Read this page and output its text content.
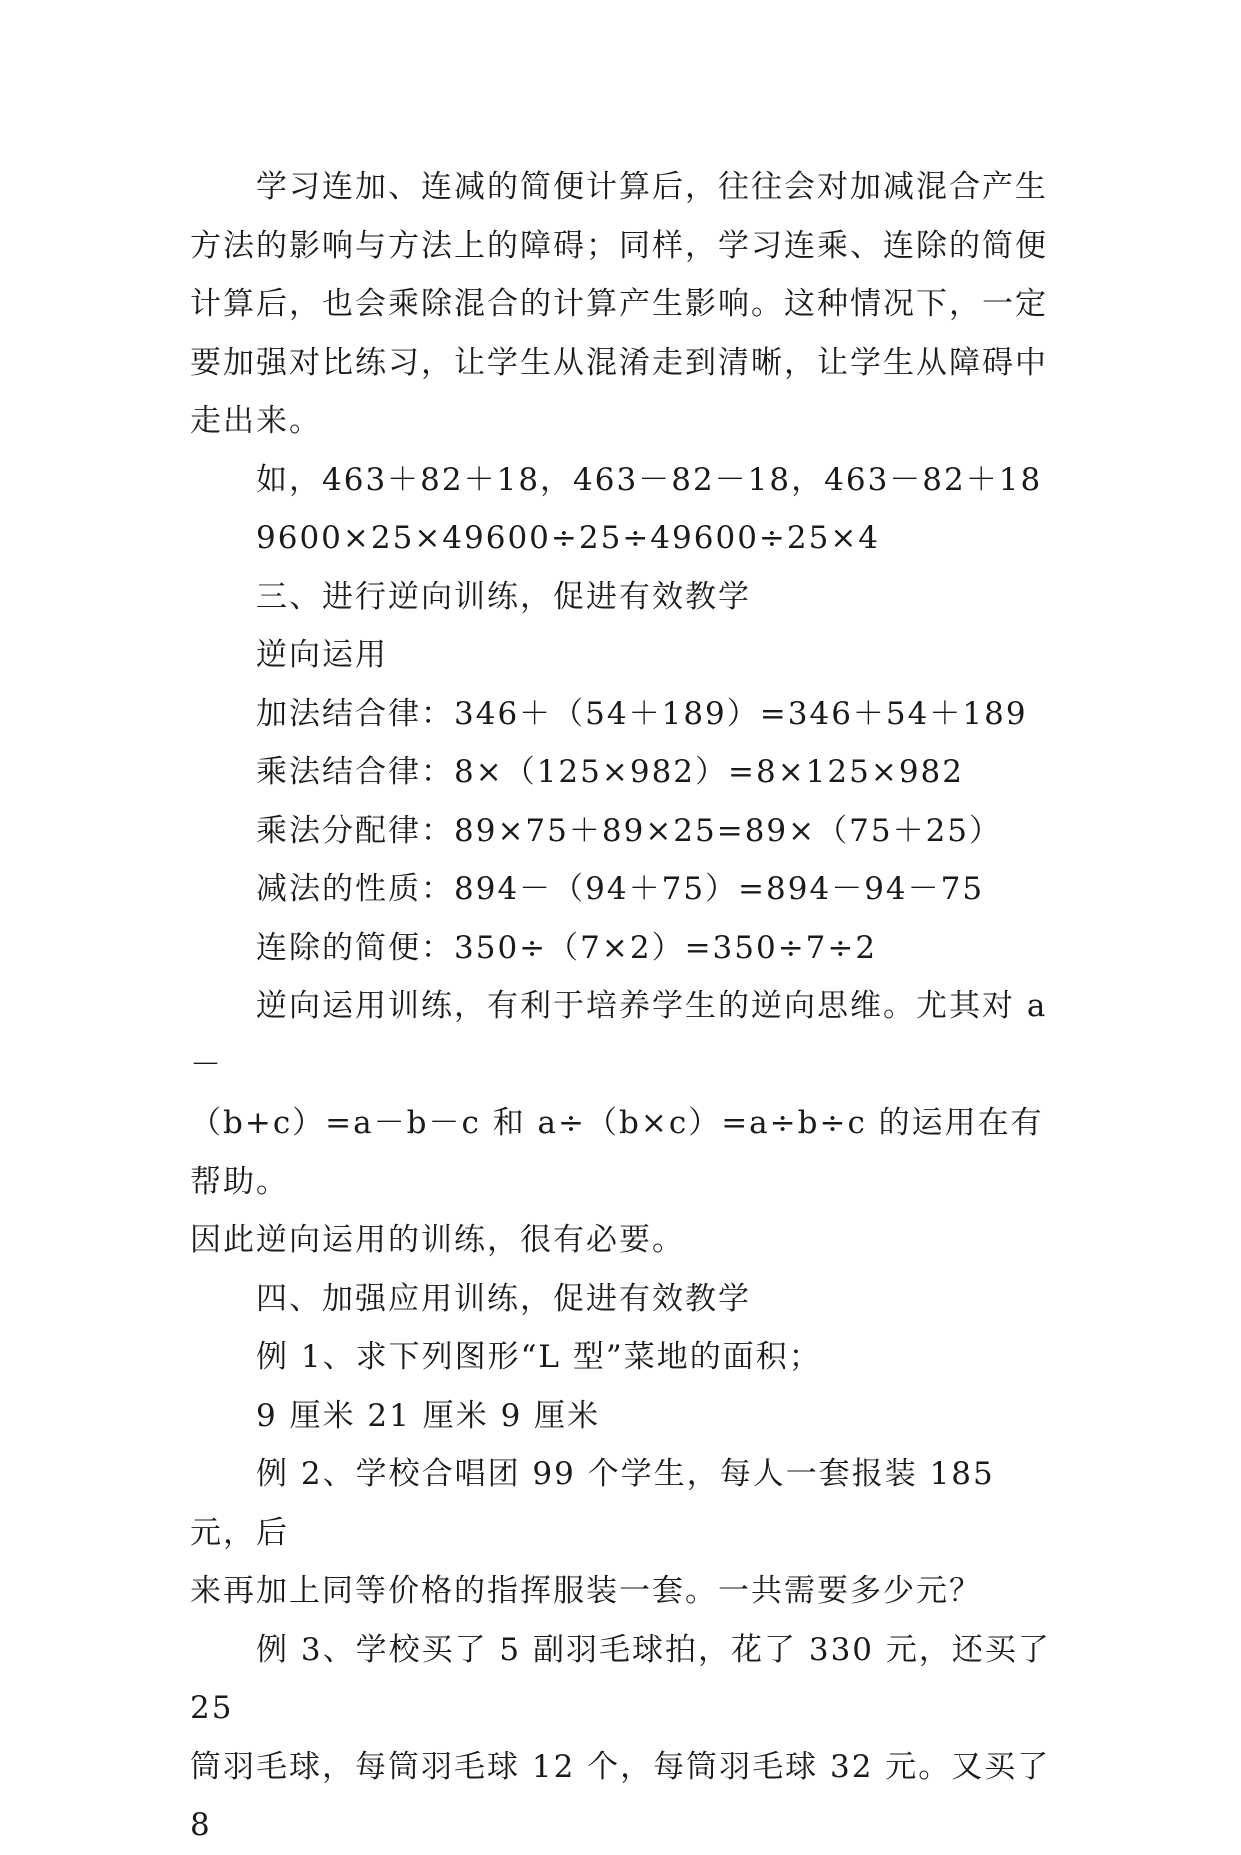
学习连加、连减的简便计算后，往往会对加减混合产生
方法的影响与方法上的障碍；同样，学习连乘、连除的简便
计算后，也会乘除混合的计算产生影响。这种情况下，一定
要加强对比练习，让学生从混淆走到清晰，让学生从障碍中
走出来。

如，463＋82＋18，463－82－18，463－82＋18

9600×25×49600÷25÷49600÷25×4

三、进行逆向训练，促进有效教学

逆向运用

加法结合律：346＋（54＋189）=346＋54＋189

乘法结合律：8×（125×982）=8×125×982

乘法分配律：89×75＋89×25=89×（75＋25）

减法的性质：894－（94＋75）=894－94－75

连除的简便：350÷（7×2）=350÷7÷2

逆向运用训练，有利于培养学生的逆向思维。尤其对 a－
（b+c）=a－b－c 和 a÷（b×c）=a÷b÷c 的运用在有帮助。
因此逆向运用的训练，很有必要。

四、加强应用训练，促进有效教学

例 1、求下列图形“L 型”菜地的面积；

9 厘米 21 厘米 9 厘米

例 2、学校合唱团 99 个学生，每人一套报装 185 元，后
来再加上同等价格的指挥服装一套。一共需要多少元？

例 3、学校买了 5 副羽毛球拍，花了 330 元，还买了 25
筒羽毛球，每筒羽毛球 12 个，每筒羽毛球 32 元。又买了 8
